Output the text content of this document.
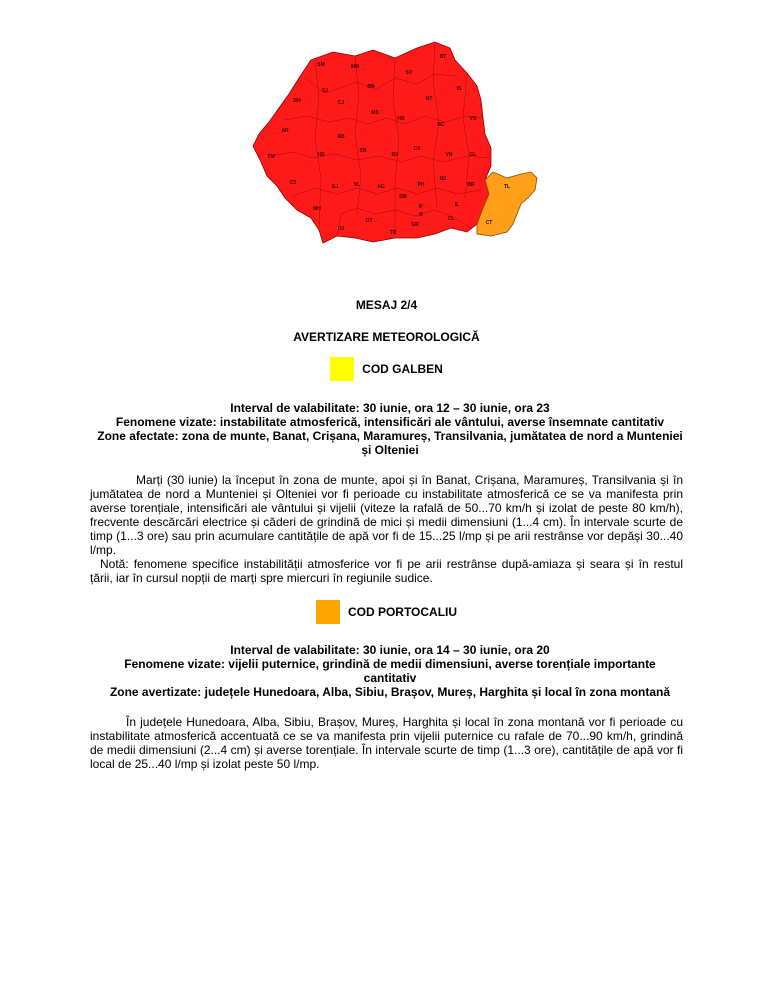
BT
SM	MM
SV
SJ
BN
BH	CJ
IS
NT
MS
HR	VS
BC
AB
AR
SB	CV
GL
VN
TM	HD	BV
BZ
CS
GJ	VL	AG	PH
DB
BR
MH	IF
OT
DJ
TR
GR
B
CL
IL
TL
CT
MESAJ 2/4
AVERTIZARE METEOROLOGICĂ
COD GALBEN
Interval de valabilitate: 30 iunie, ora 12 – 30 iunie, ora 23
Fenomene vizate: instabilitate atmosferică, intensificări ale vântului, averse însemnate cantitativ
Zone afectate: zona de munte, Banat, Crișana, Maramureș, Transilvania, jumătatea de nord a Munteniei
și Olteniei

Marți (30 iunie) la început în zona de munte, apoi și în Banat, Crișana, Maramureș, Transilvania și în jumătatea de nord a Munteniei și Olteniei vor fi perioade cu instabilitate atmosferică ce se va manifesta prin averse torențiale, intensificări ale vântului și vijelii (viteze la rafală de 50...70 km/h și izolat de peste 80 km/h), frecvente descărcări electrice și căderi de grindină de mici și medii dimensiuni (1...4 cm). În intervale scurte de timp (1...3 ore) sau prin acumulare cantitățile de apă vor fi de 15...25 l/mp și pe arii restrânse vor depăși 30...40 l/mp.

Notă: fenomene specifice instabilității atmosferice vor fi pe arii restrânse după-amiaza și seara și în restul țării, iar în cursul nopții de marți spre miercuri în regiunile sudice.

COD PORTOCALIU
Interval de valabilitate: 30 iunie, ora 14 – 30 iunie, ora 20
Fenomene vizate: vijelii puternice, grindină de medii dimensiuni, averse torențiale importante
cantitativ
Zone avertizate: județele Hunedoara, Alba, Sibiu, Brașov, Mureș, Harghita și local în zona montană

În județele Hunedoara, Alba, Sibiu, Brașov, Mureș, Harghita și local în zona montană vor fi perioade cu instabilitate atmosferică accentuată ce se va manifesta prin vijelii puternice cu rafale de 70...90 km/h, grindină de medii dimensiuni (2...4 cm) și averse torențiale. În intervale scurte de timp (1...3 ore), cantitățile de apă vor fi local de 25...40 l/mp și izolat peste 50 l/mp.
